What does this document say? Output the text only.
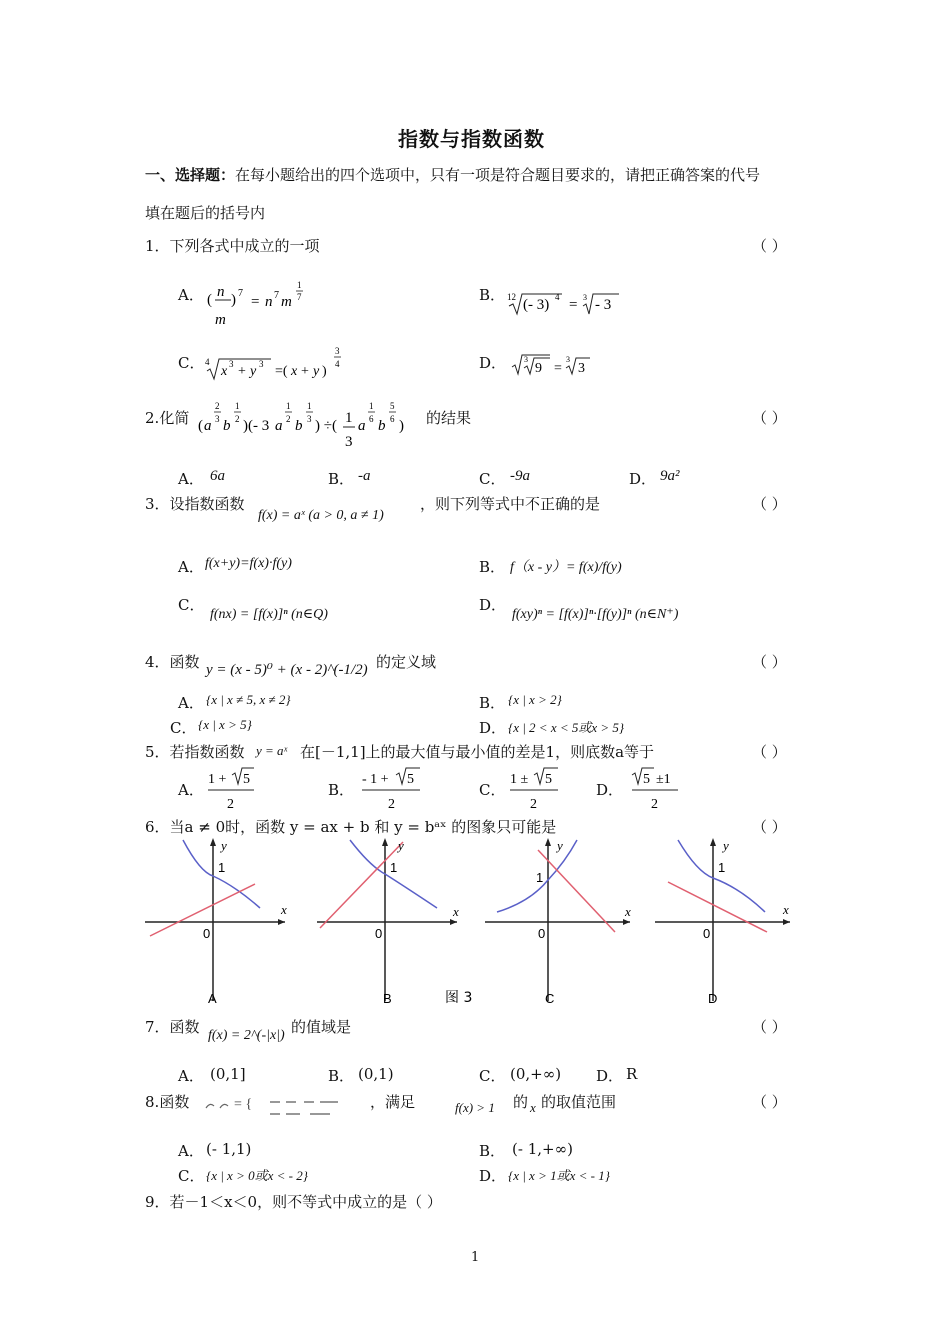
指数与指数函数
一、选择题：在每小题给出的四个选项中，只有一项是符合题目要求的，请把正确答案的代号
填在题后的括号内
1．下列各式中成立的一项	（ ）
A． ( n
m
) 7
= n 7 m
1
7	B． 12 (- 3) 4 = 3 - 3
C． 4
x 3 + y 3 =( x + y )
3
4	D． 3
9 =
3
3
2.化简 ( a
2
3 b
1
2 )(- 3 a
1
2 b
1
3 ) ÷( 1
3
a
1
6 b
5
6 ) 的结果	（ ）
A． 6a	B． -a	C． -9a	D． 9a²
3．设指数函数
f(x) = aˣ (a > 0, a ≠ 1)
，则下列等式中不正确的是	（ ）
A． f(x+y)=f(x)·f(y)	B． f（x - y）= f(x)/f(y)
C．
f(nx) = [f(x)]ⁿ (n∈Q)
D．
f(xy)ⁿ = [f(x)]ⁿ·[f(y)]ⁿ (n∈N⁺)
4．函数 y = (x - 5)⁰ + (x - 2)^(-1/2) 的定义域	（ ）
A． {x | x ≠ 5, x ≠ 2}	B． {x | x > 2}
C． {x | x > 5}	D． {x | 2 < x < 5或x > 5}
5．若指数函数 y = aˣ 在[－1,1]上的最大值与最小值的差是1，则底数a等于	（ ）
A．
1 + 5
2
B．
- 1 + 5
2
C．
1 ± 5
2
D．
5 ±1
2
6．当a ≠ 0时，函数 y = ax + b 和 y = bᵃˣ 的图象只可能是	（ ）
1
y
x
0
A
1
y
x
0
B	图 3
1
y
x
0
C
1
y
x
0
D
7．函数 f(x) = 2^(-|x|) 的值域是	（ ）
A． (0,1]	B． (0,1)	C． (0,+∞) D． R
8.函数	= {	，满足	f(x) > 1 的 x 的取值范围	（ ）
A． (- 1,1)	B． (- 1,+∞)
C． {x | x > 0或x < - 2}	D． {x | x > 1或x < - 1}
9．若－1＜x＜0，则不等式中成立的是（ ）
1
